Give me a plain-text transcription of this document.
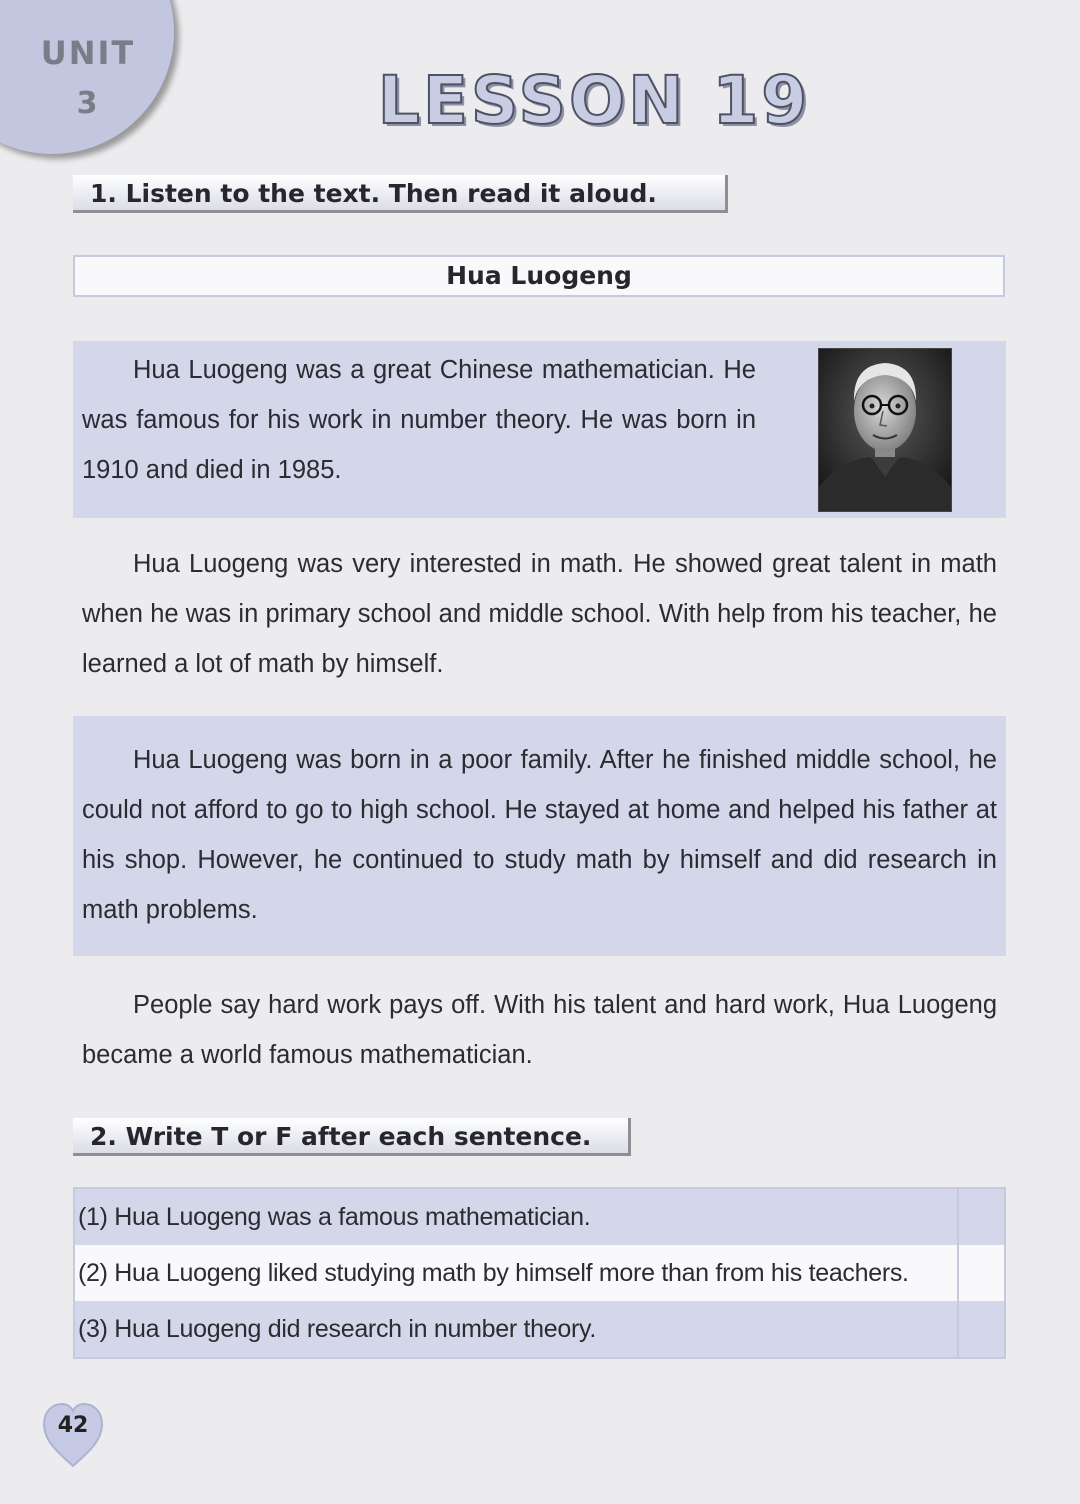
UNIT
3	LESSON 19
1. Listen to the text. Then read it aloud.
Hua Luogeng

Hua Luogeng was a great Chinese mathematician. He was famous for his work in number theory. He was born in 1910 and died in 1985.

Hua Luogeng was very interested in math. He showed great talent in math when he was in primary school and middle school. With help from his teacher, he learned a lot of math by himself.

Hua Luogeng was born in a poor family. After he finished middle school, he could not afford to go to high school. He stayed at home and helped his father at his shop. However, he continued to study math by himself and did research in math problems.

People say hard work pays off. With his talent and hard work, Hua Luogeng became a world famous mathematician.

2. Write T or F after each sentence.
(1) Hua Luogeng was a famous mathematician.
(2) Hua Luogeng liked studying math by himself more than from his teachers.
(3) Hua Luogeng did research in number theory.
42
